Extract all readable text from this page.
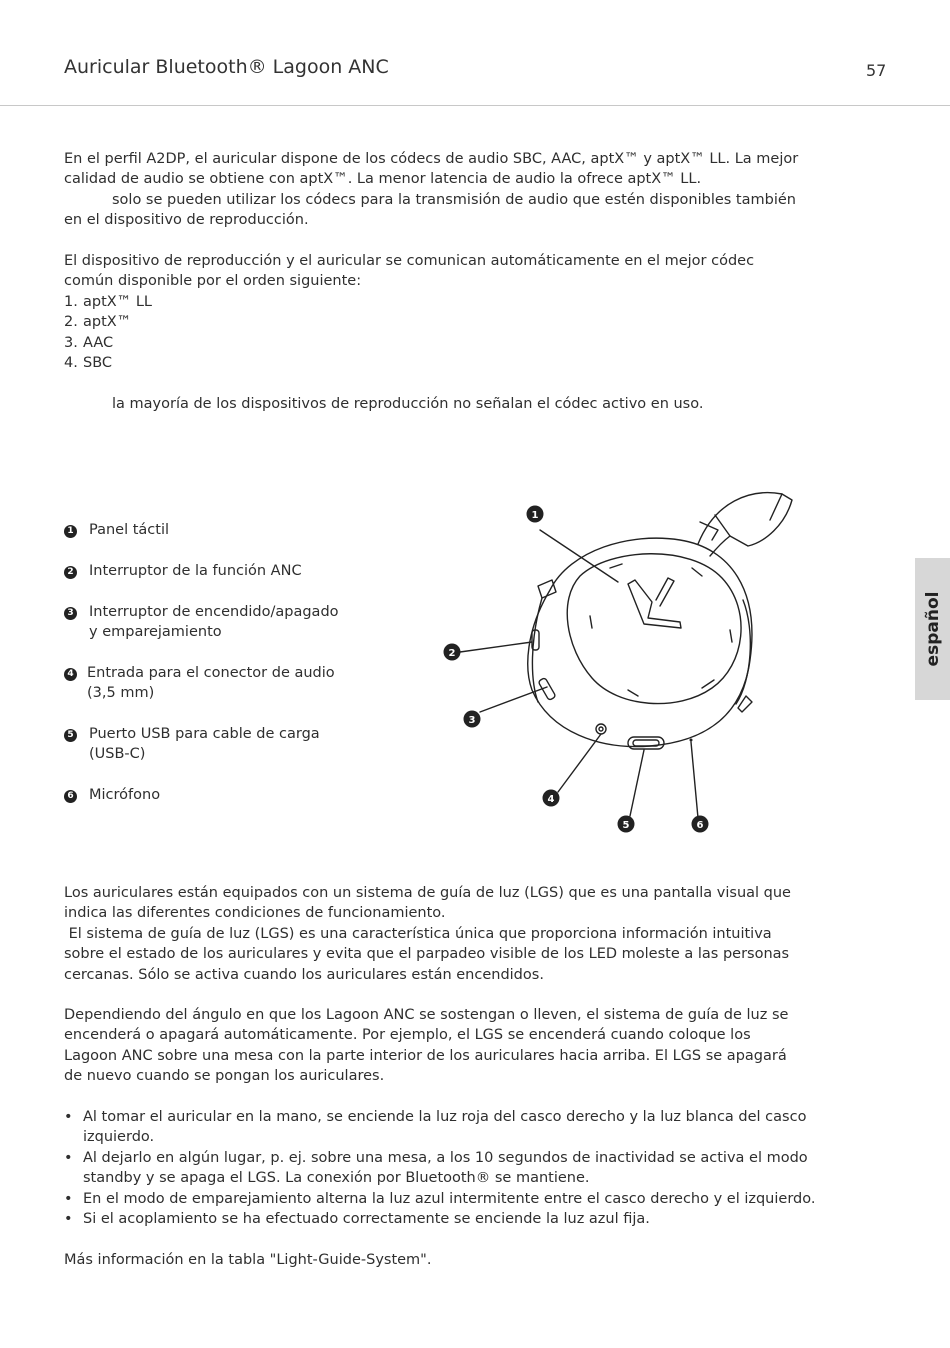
Auricular Bluetooth® Lagoon ANC	57
español
En el perfil A2DP, el auricular dispone de los códecs de audio SBC, AAC, aptX™ y aptX™ LL. La mejor
calidad de audio se obtiene con aptX™. La menor latencia de audio la ofrece aptX™ LL.
solo se pueden utilizar los códecs para la transmisión de audio que estén disponibles también
en el dispositivo de reproducción.
El dispositivo de reproducción y el auricular se comunican automáticamente en el mejor códec
común disponible por el orden siguiente:
1. aptX™ LL
2. aptX™
3. AAC
4. SBC
la mayoría de los dispositivos de reproducción no señalan el códec activo en uso.
1	Panel táctil
2	Interruptor de la función ANC
3	Interruptor de encendido/apagado
y emparejamiento
4 Entrada para el conector de audio
(3,5 mm)
5	Puerto USB para cable de carga
(USB-C)
6	Micrófono
1
2
3
4
5	6
Los auriculares están equipados con un sistema de guía de luz (LGS) que es una pantalla visual que
indica las diferentes condiciones de funcionamiento.
El sistema de guía de luz (LGS) es una característica única que proporciona información intuitiva
sobre el estado de los auriculares y evita que el parpadeo visible de los LED moleste a las personas
cercanas. Sólo se activa cuando los auriculares están encendidos.
Dependiendo del ángulo en que los Lagoon ANC se sostengan o lleven, el sistema de guía de luz se
encenderá o apagará automáticamente. Por ejemplo, el LGS se encenderá cuando coloque los
Lagoon ANC sobre una mesa con la parte interior de los auriculares hacia arriba. El LGS se apagará
de nuevo cuando se pongan los auriculares.
• Al tomar el auricular en la mano, se enciende la luz roja del casco derecho y la luz blanca del casco
izquierdo.
• Al dejarlo en algún lugar, p. ej. sobre una mesa, a los 10 segundos de inactividad se activa el modo
standby y se apaga el LGS. La conexión por Bluetooth® se mantiene.
• En el modo de emparejamiento alterna la luz azul intermitente entre el casco derecho y el izquierdo.
• Si el acoplamiento se ha efectuado correctamente se enciende la luz azul fija.
Más información en la tabla "Light-Guide-System".
